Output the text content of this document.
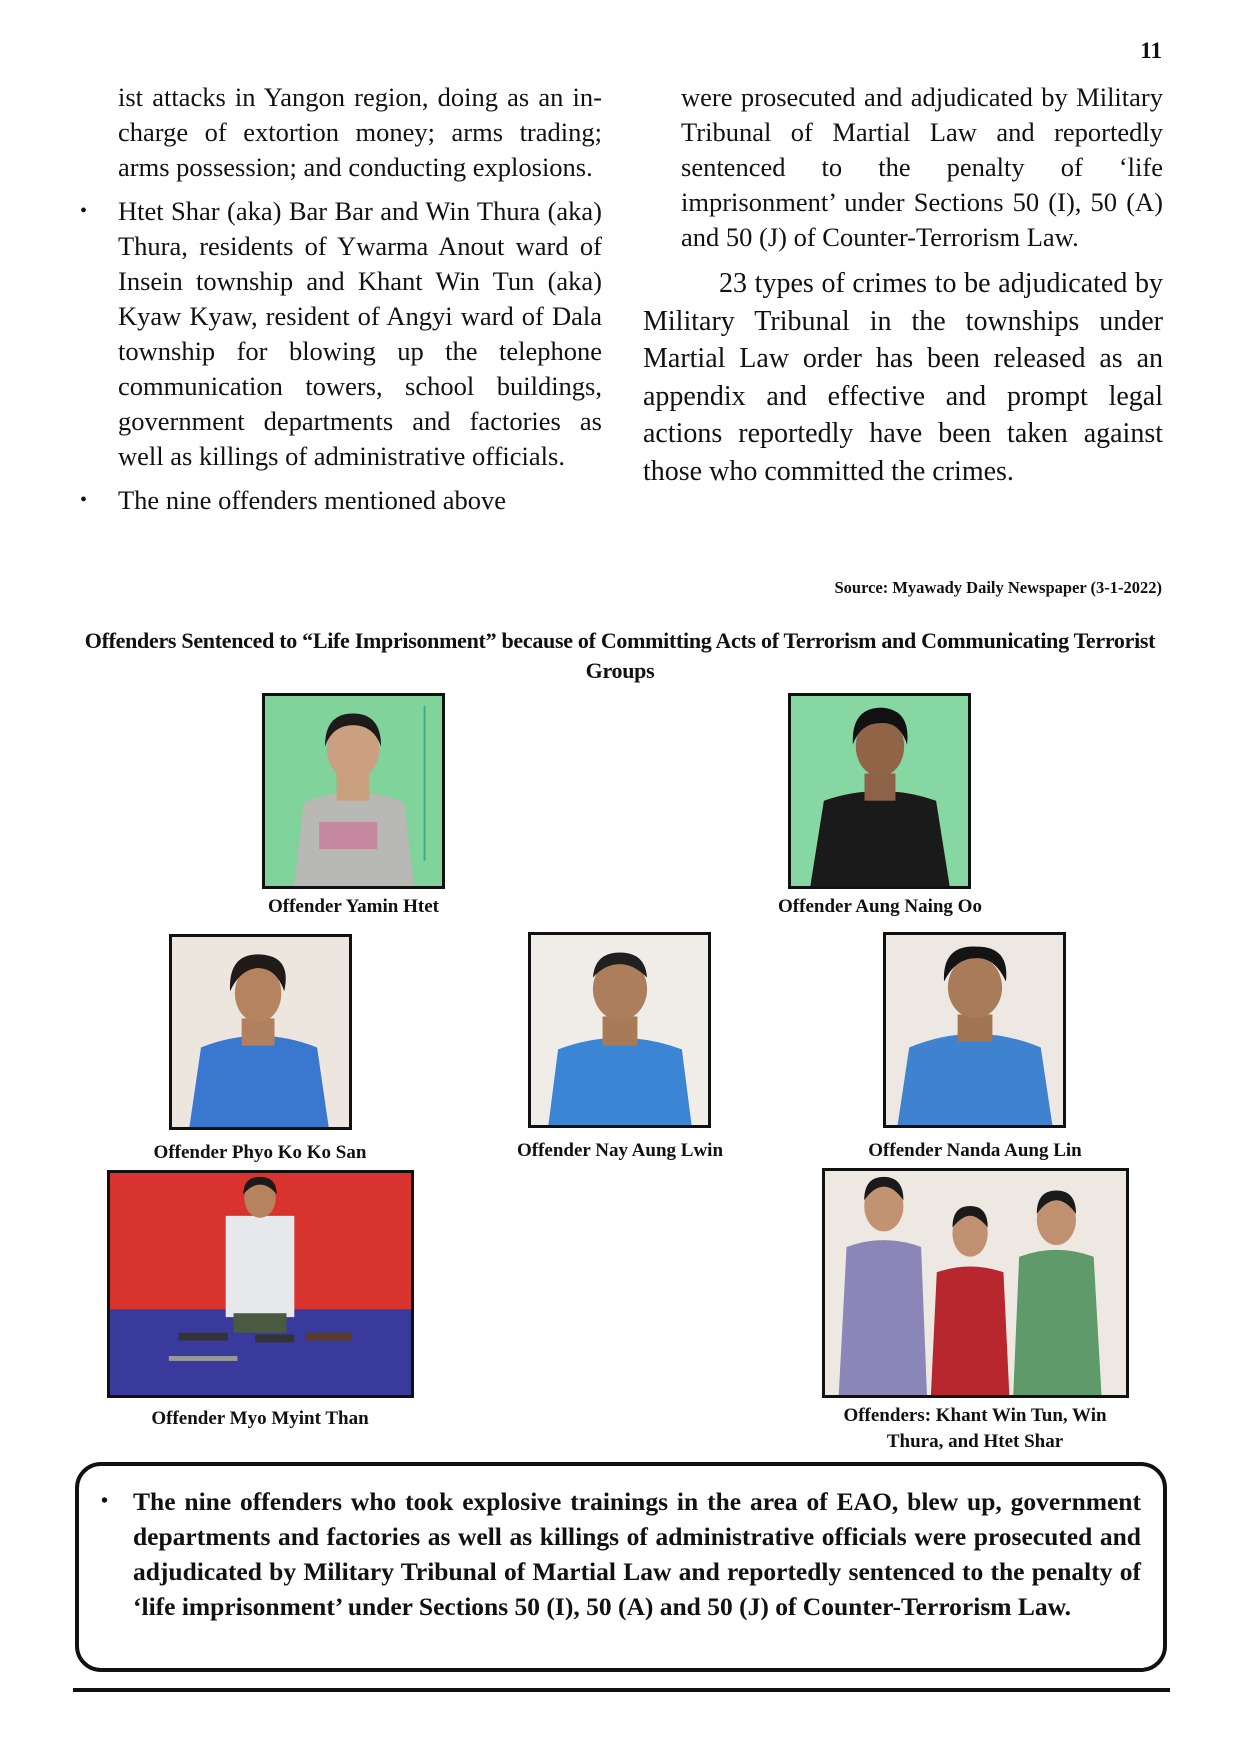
11

ist attacks in Yangon region, doing as an in-charge of extortion money; arms trading; arms possession; and conducting explosions.

• Htet Shar (aka) Bar Bar and Win Thura (aka) Thura, residents of Ywarma Anout ward of Insein township and Khant Win Tun (aka) Kyaw Kyaw, resident of Angyi ward of Dala township for blowing up the telephone communication towers, school buildings, government departments and factories as well as killings of administrative officials.

• The nine offenders mentioned above

were prosecuted and adjudicated by Military Tribunal of Martial Law and reportedly sentenced to the penalty of ‘life imprisonment’ under Sections 50 (I), 50 (A) and 50 (J) of Counter-Terrorism Law.

23 types of crimes to be adjudicated by Military Tribunal in the townships under Martial Law order has been released as an appendix and effective and prompt legal actions reportedly have been taken against those who committed the crimes.

Source: Myawady Daily Newspaper (3-1-2022)
Offenders Sentenced to “Life Imprisonment” because of Committing Acts of Terrorism and Communicating Terrorist Groups
Offender Yamin Htet	Offender Aung Naing Oo
Offender Phyo Ko Ko San	Offender Nay Aung Lwin	Offender Nanda Aung Lin
Offender Myo Myint Than	Offenders: Khant Win Tun, Win
Thura, and Htet Shar
• The nine offenders who took explosive trainings in the area of EAO, blew up, government departments and factories as well as killings of administrative officials were prosecuted and adjudicated by Military Tribunal of Martial Law and reportedly sentenced to the penalty of ‘life imprisonment’ under Sections 50 (I), 50 (A) and 50 (J) of Counter-Terrorism Law.
